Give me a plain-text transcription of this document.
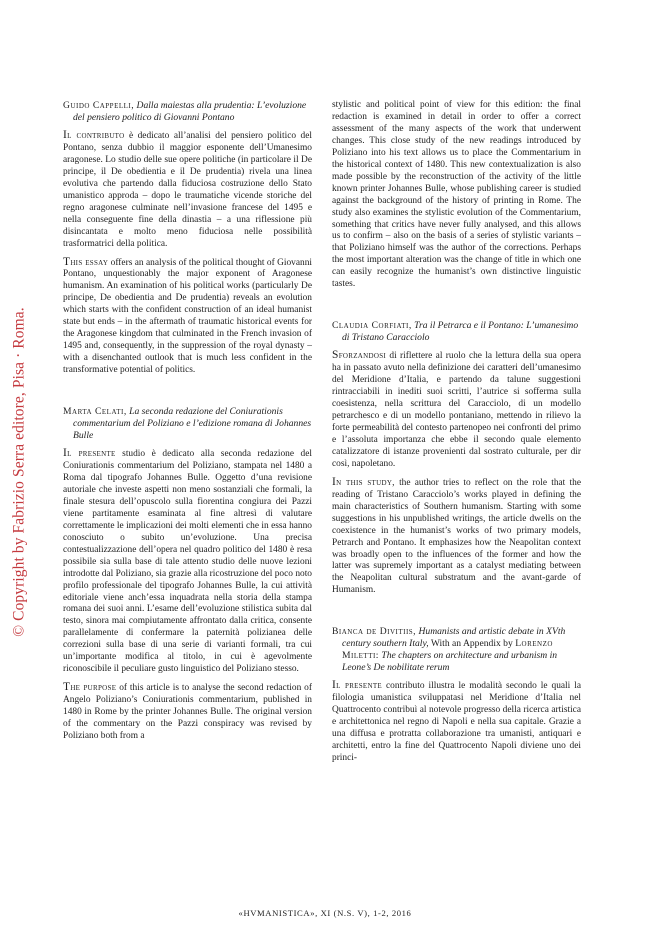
© Copyright by Fabrizio Serra editore, Pisa · Roma.
Guido Cappelli, Dalla maiestas alla prudentia: L’evoluzione del pensiero politico di Giovanni Pontano

Il contributo è dedicato all’analisi del pensiero politico del Pontano, senza dubbio il maggior esponente dell’Umanesimo aragonese. Lo studio delle sue opere politiche (in particolare il De principe, il De obedientia e il De prudentia) rivela una linea evolutiva che partendo dalla fiduciosa costruzione dello Stato umanistico approda – dopo le traumatiche vicende storiche del regno aragonese culminate nell’invasione francese del 1495 e nella conseguente fine della dinastia – a una riflessione più disincantata e molto meno fiduciosa nelle possibilità trasformatrici della politica.

This essay offers an analysis of the political thought of Giovanni Pontano, unquestionably the major exponent of Aragonese humanism. An examination of his political works (particularly De principe, De obedientia and De prudentia) reveals an evolution which starts with the confident construction of an ideal humanist state but ends – in the aftermath of traumatic historical events for the Aragonese kingdom that culminated in the French invasion of 1495 and, consequently, in the suppression of the royal dynasty – with a disenchanted outlook that is much less confident in the transformative potential of politics.

Marta Celati, La seconda redazione del Coniurationis commentarium del Poliziano e l’edizione romana di Johannes Bulle

Il presente studio è dedicato alla seconda redazione del Coniurationis commentarium del Poliziano, stampata nel 1480 a Roma dal tipografo Johannes Bulle. Oggetto d’una revisione autoriale che investe aspetti non meno sostanziali che formali, la finale stesura dell’opuscolo sulla fiorentina congiura dei Pazzi viene partitamente esaminata al fine altresì di valutare correttamente le implicazioni dei molti elementi che in essa hanno conosciuto o subito un’evoluzione. Una precisa contestualizzazione dell’opera nel quadro politico del 1480 è resa possibile sia sulla base di tale attento studio delle nuove lezioni introdotte dal Poliziano, sia grazie alla ricostruzione del poco noto profilo professionale del tipografo Johannes Bulle, la cui attività editoriale viene anch’essa inquadrata nella storia della stampa romana dei suoi anni. L’esame dell’evoluzione stilistica subita dal testo, sinora mai compiutamente affrontato dalla critica, consente parallelamente di confermare la paternità polizianea delle correzioni sulla base di una serie di varianti formali, tra cui un’importante modifica al titolo, in cui è agevolmente riconoscibile il peculiare gusto linguistico del Poliziano stesso.

The purpose of this article is to analyse the second redaction of Angelo Poliziano’s Coniurationis commentarium, published in 1480 in Rome by the printer Johannes Bulle. The original version of the commentary on the Pazzi conspiracy was revised by Poliziano both from a

stylistic and political point of view for this edition: the final redaction is examined in detail in order to offer a correct assessment of the many aspects of the work that underwent changes. This close study of the new readings introduced by Poliziano into his text allows us to place the Commentarium in the historical context of 1480. This new contextualization is also made possible by the reconstruction of the activity of the little known printer Johannes Bulle, whose publishing career is studied against the background of the history of printing in Rome. The study also examines the stylistic evolution of the Commentarium, something that critics have never fully analysed, and this allows us to confirm – also on the basis of a series of stylistic variants – that Poliziano himself was the author of the corrections. Perhaps the most important alteration was the change of title in which one can easily recognize the humanist’s own distinctive linguistic tastes.

Claudia Corfiati, Tra il Petrarca e il Pontano: L’umanesimo di Tristano Caracciolo

Sforzandosi di riflettere al ruolo che la lettura della sua opera ha in passato avuto nella definizione dei caratteri dell’umanesimo del Meridione d’Italia, e partendo da talune suggestioni rintracciabili in inediti suoi scritti, l’autrice si sofferma sulla coesistenza, nella scrittura del Caracciolo, di un modello petrarchesco e di un modello pontaniano, mettendo in rilievo la forte permeabilità del contesto partenopeo nei confronti del primo e l’assoluta importanza che ebbe il secondo quale elemento catalizzatore di istanze provenienti dal sostrato culturale, per dir così, napoletano.

In this study, the author tries to reflect on the role that the reading of Tristano Caracciolo’s works played in defining the main characteristics of Southern humanism. Starting with some suggestions in his unpublished writings, the article dwells on the coexistence in the humanist’s works of two primary models, Petrarch and Pontano. It emphasizes how the Neapolitan context was broadly open to the influences of the former and how the latter was supremely important as a catalyst mediating between the Neapolitan cultural substratum and the avant-garde of Humanism.

Bianca de Divitiis, Humanists and artistic debate in XVth century southern Italy, With an Appendix by Lorenzo Miletti: The chapters on architecture and urbanism in Leone’s De nobilitate rerum

Il presente contributo illustra le modalità secondo le quali la filologia umanistica sviluppatasi nel Meridione d’Italia nel Quattrocento contribuì al notevole progresso della ricerca artistica e architettonica nel regno di Napoli e nella sua capitale. Grazie a una diffusa e protratta collaborazione tra umanisti, antiquari e architetti, entro la fine del Quattrocento Napoli diviene uno dei princi-

«HVMANISTICA», XI (N.S. V), 1-2, 2016
